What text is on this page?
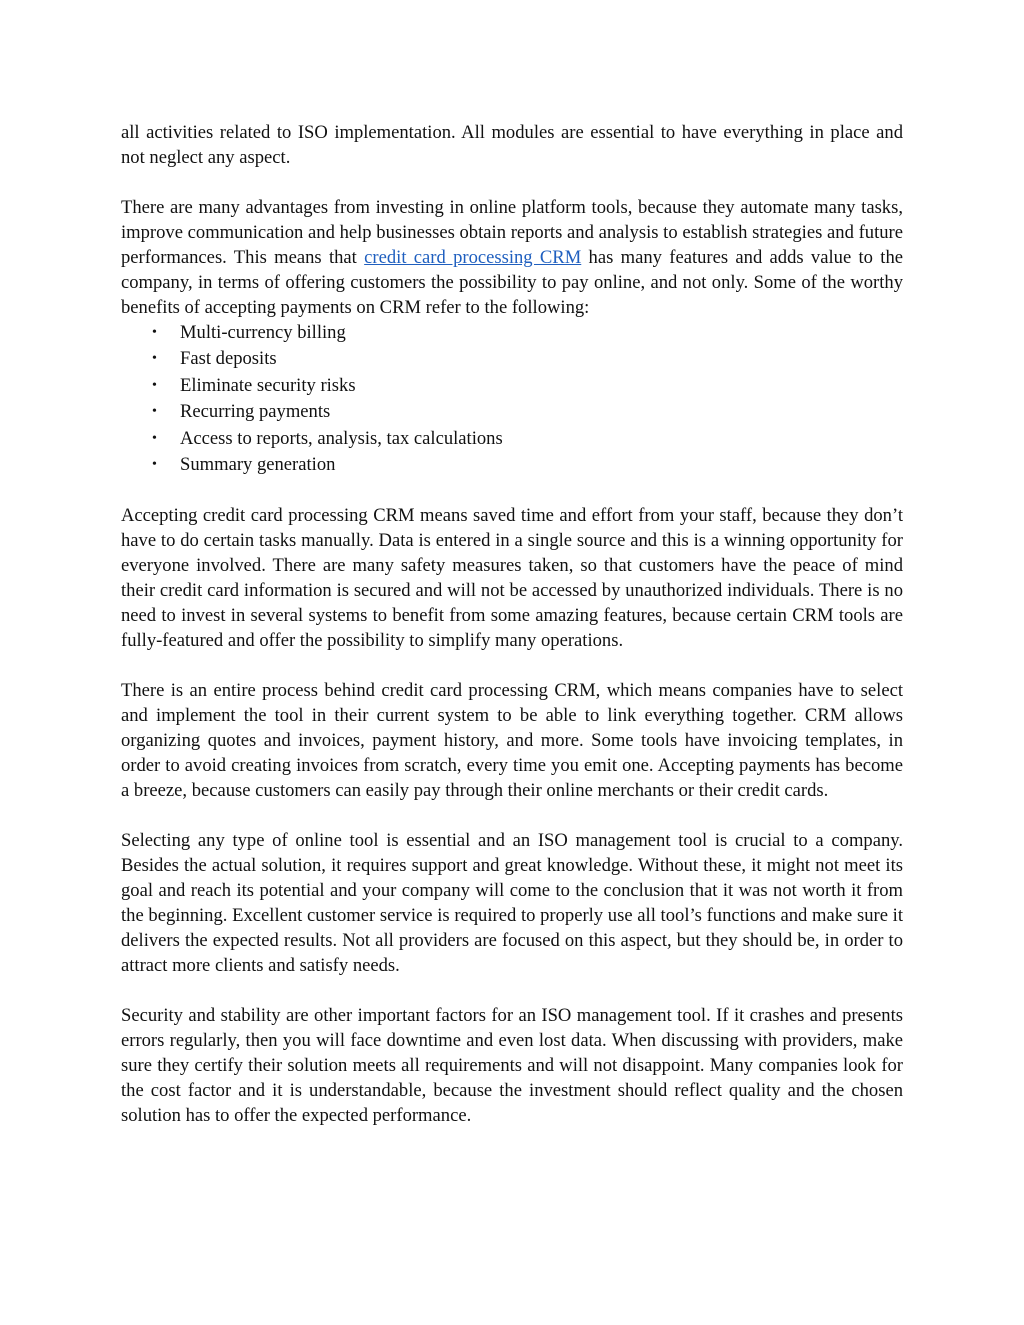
all activities related to ISO implementation. All modules are essential to have everything in place and not neglect any aspect.

There are many advantages from investing in online platform tools, because they automate many tasks, improve communication and help businesses obtain reports and analysis to establish strategies and future performances. This means that credit card processing CRM has many features and adds value to the company, in terms of offering customers the possibility to pay online, and not only. Some of the worthy benefits of accepting payments on CRM refer to the following:

• Multi-currency billing
• Fast deposits
• Eliminate security risks
• Recurring payments
• Access to reports, analysis, tax calculations
• Summary generation

Accepting credit card processing CRM means saved time and effort from your staff, because they don’t have to do certain tasks manually. Data is entered in a single source and this is a winning opportunity for everyone involved. There are many safety measures taken, so that customers have the peace of mind their credit card information is secured and will not be accessed by unauthorized individuals. There is no need to invest in several systems to benefit from some amazing features, because certain CRM tools are fully-featured and offer the possibility to simplify many operations.

There is an entire process behind credit card processing CRM, which means companies have to select and implement the tool in their current system to be able to link everything together. CRM allows organizing quotes and invoices, payment history, and more. Some tools have invoicing templates, in order to avoid creating invoices from scratch, every time you emit one. Accepting payments has become a breeze, because customers can easily pay through their online merchants or their credit cards.

Selecting any type of online tool is essential and an ISO management tool is crucial to a company. Besides the actual solution, it requires support and great knowledge. Without these, it might not meet its goal and reach its potential and your company will come to the conclusion that it was not worth it from the beginning. Excellent customer service is required to properly use all tool’s functions and make sure it delivers the expected results. Not all providers are focused on this aspect, but they should be, in order to attract more clients and satisfy needs.

Security and stability are other important factors for an ISO management tool. If it crashes and presents errors regularly, then you will face downtime and even lost data. When discussing with providers, make sure they certify their solution meets all requirements and will not disappoint. Many companies look for the cost factor and it is understandable, because the investment should reflect quality and the chosen solution has to offer the expected performance.
